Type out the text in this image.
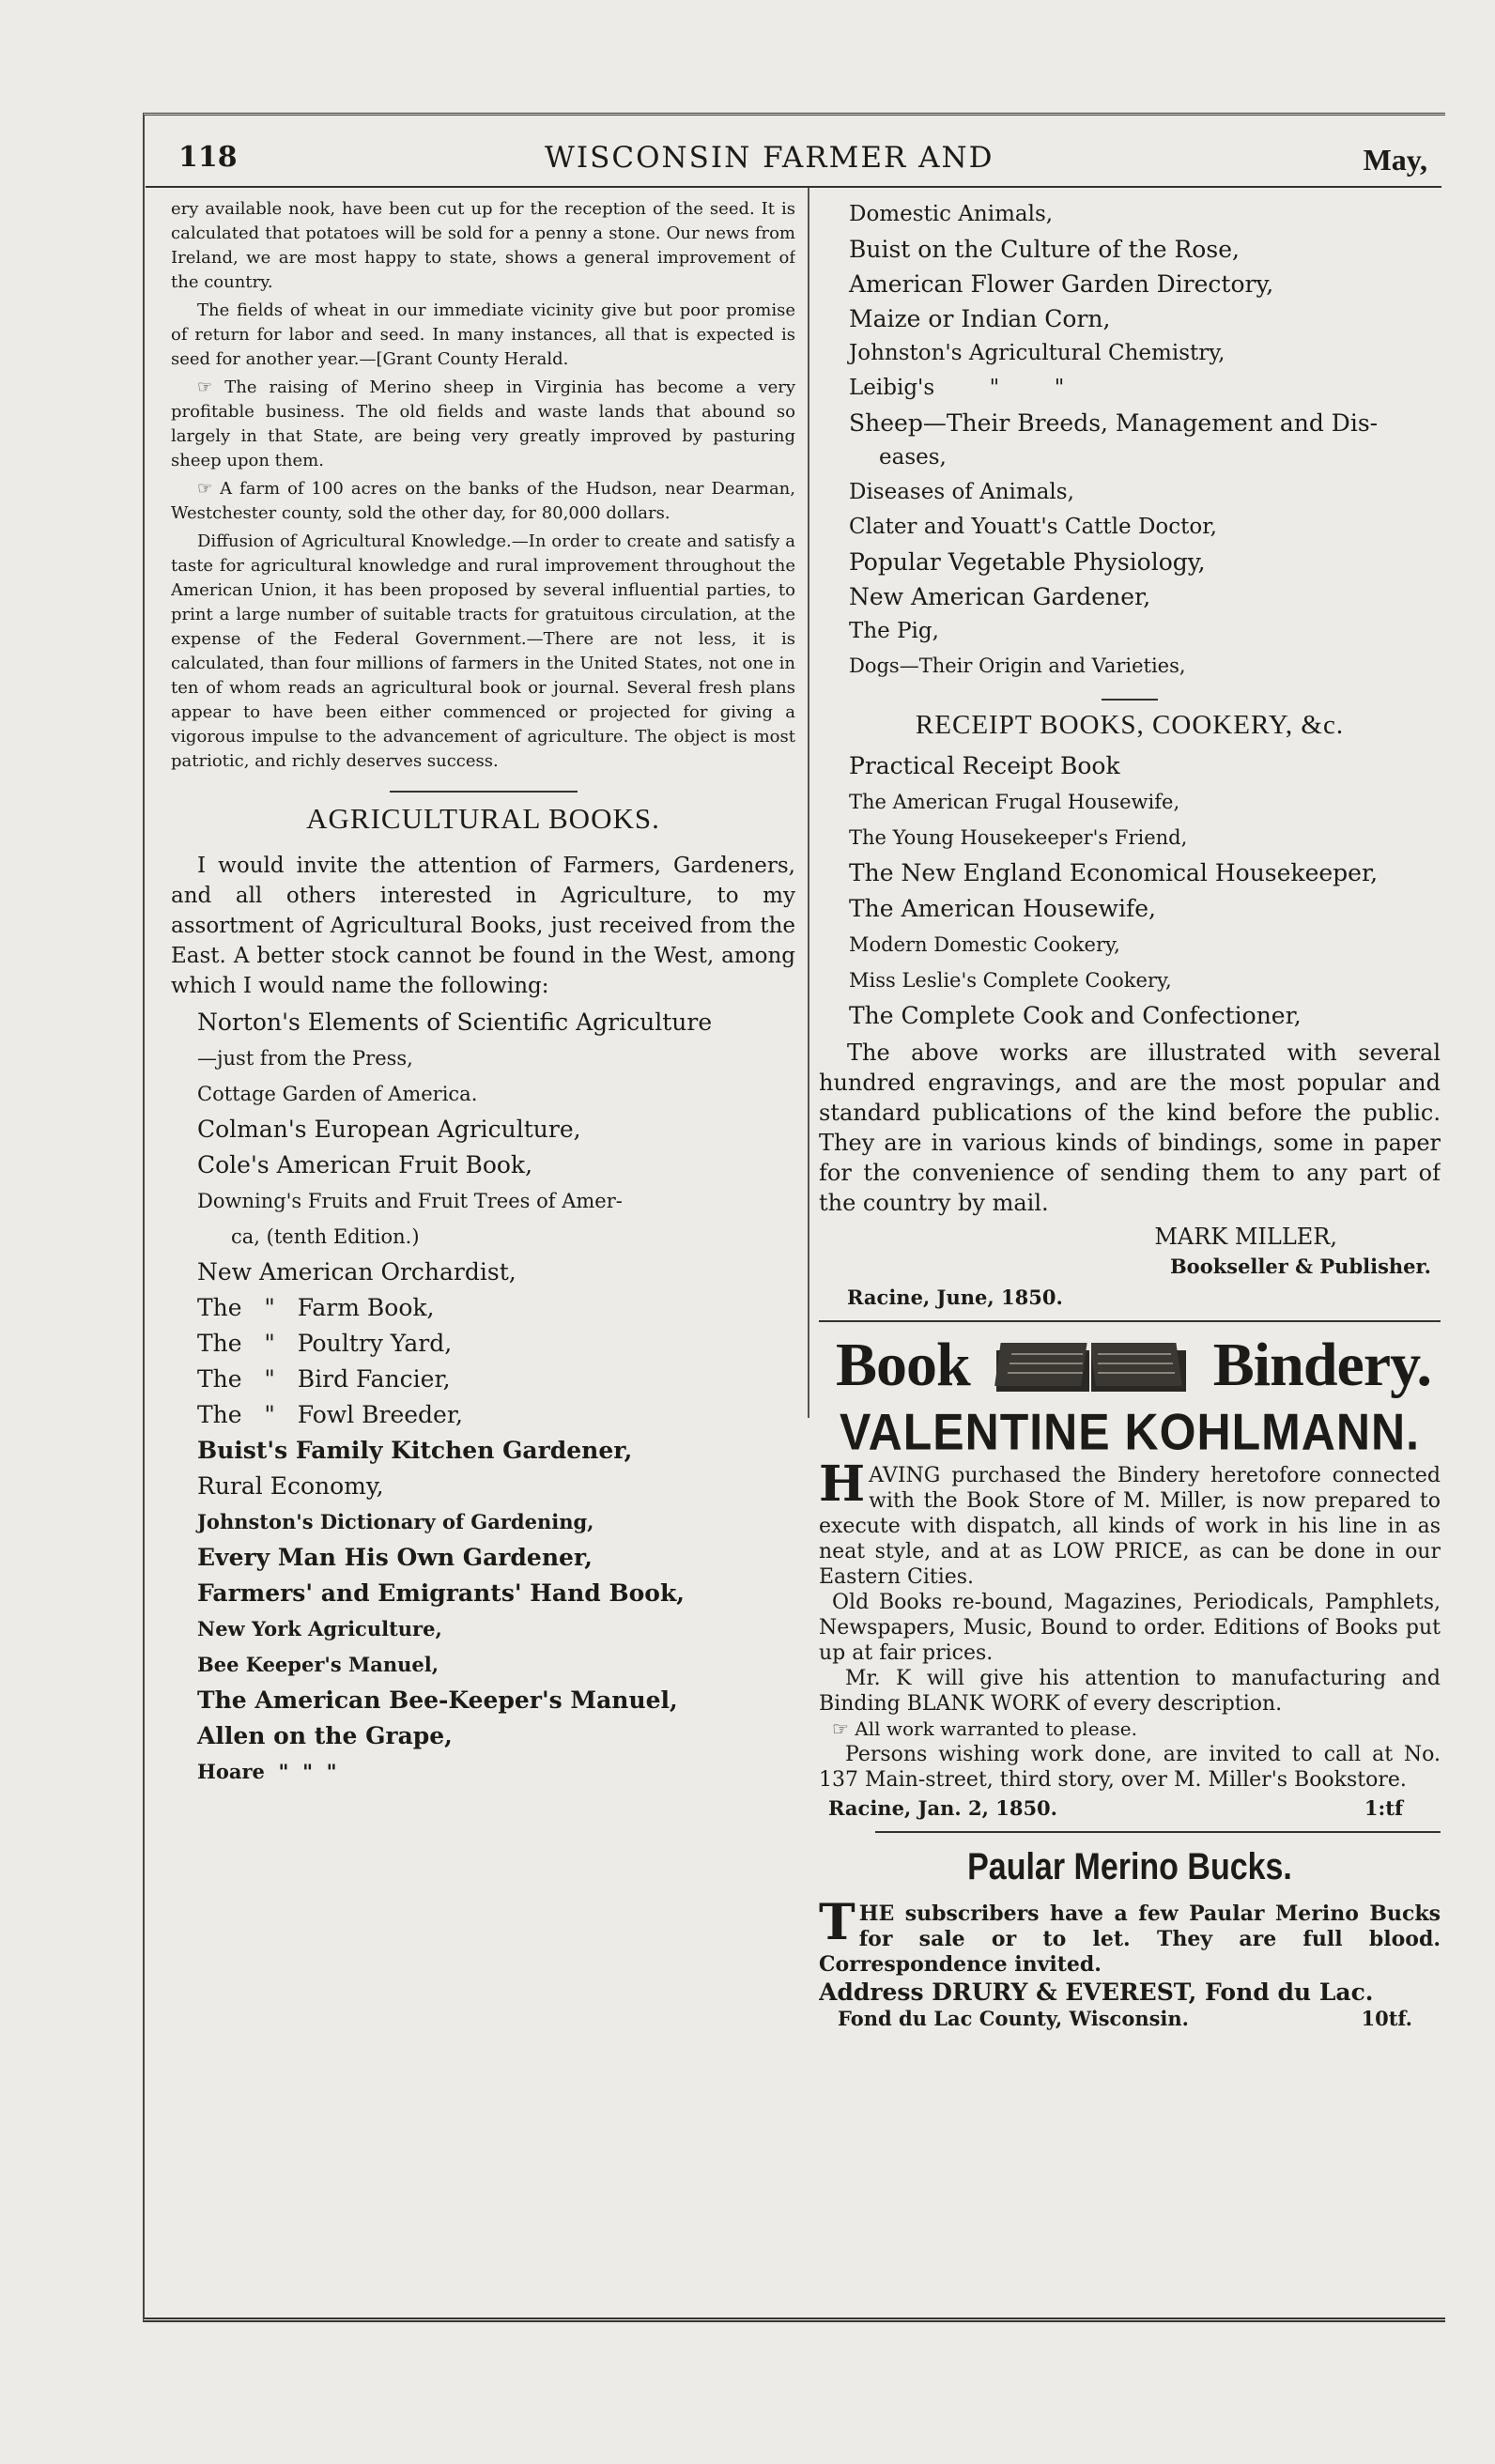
118	WISCONSIN FARMER AND	May,

ery available nook, have been cut up for the reception of the seed. It is calculated that potatoes will be sold for a penny a stone. Our news from Ireland, we are most happy to state, shows a general improvement of the country.

The fields of wheat in our immediate vicinity give but poor promise of return for labor and seed. In many instances, all that is expected is seed for another year.—[Grant County Herald.

☞ The raising of Merino sheep in Virginia has become a very profitable business. The old fields and waste lands that abound so largely in that State, are being very greatly improved by pasturing sheep upon them.

☞ A farm of 100 acres on the banks of the Hudson, near Dearman, Westchester county, sold the other day, for 80,000 dollars.

Diffusion of Agricultural Knowledge.—In order to create and satisfy a taste for agricultural knowledge and rural improvement throughout the American Union, it has been proposed by several influential parties, to print a large number of suitable tracts for gratuitous circulation, at the expense of the Federal Government.—There are not less, it is calculated, than four millions of farmers in the United States, not one in ten of whom reads an agricultural book or journal. Several fresh plans appear to have been either commenced or projected for giving a vigorous impulse to the advancement of agriculture. The object is most patriotic, and richly deserves success.

AGRICULTURAL BOOKS.

I would invite the attention of Farmers, Gardeners, and all others interested in Agriculture, to my assortment of Agricultural Books, just received from the East. A better stock cannot be found in the West, among which I would name the following:

Norton's Elements of Scientific Agriculture
—just from the Press,
Cottage Garden of America.
Colman's European Agriculture,
Cole's American Fruit Book,
Downing's Fruits and Fruit Trees of Amer-
ca, (tenth Edition.)
New American Orchardist,
The   "   Farm Book,
The   "   Poultry Yard,
The   "   Bird Fancier,
The   "   Fowl Breeder,
Buist's Family Kitchen Gardener,
Rural Economy,
Johnston's Dictionary of Gardening,
Every Man His Own Gardener,
Farmers' and Emigrants' Hand Book,
New York Agriculture,
Bee Keeper's Manuel,
The American Bee-Keeper's Manuel,
Allen on the Grape,
Hoare  "  "  "
Domestic Animals,
Buist on the Culture of the Rose,
American Flower Garden Directory,
Maize or Indian Corn,
Johnston's Agricultural Chemistry,
Leibig's        "        "
Sheep—Their Breeds, Management and Dis-
eases,
Diseases of Animals,
Clater and Youatt's Cattle Doctor,
Popular Vegetable Physiology,
New American Gardener,
The Pig,
Dogs—Their Origin and Varieties,
RECEIPT BOOKS, COOKERY, &c.
Practical Receipt Book
The American Frugal Housewife,
The Young Housekeeper's Friend,
The New England Economical Housekeeper,
The American Housewife,
Modern Domestic Cookery,
Miss Leslie's Complete Cookery,
The Complete Cook and Confectioner,

The above works are illustrated with several hundred engravings, and are the most popular and standard publications of the kind before the public. They are in various kinds of bindings, some in paper for the convenience of sending them to any part of the country by mail.

MARK MILLER,
Bookseller & Publisher.
Racine, June, 1850.
Book	Bindery.
VALENTINE KOHLMANN.
HAVING purchased the Bindery heretofore connected with the Book Store of M. Miller, is now prepared to execute with dispatch, all kinds of work in his line in as neat style, and at as LOW PRICE, as can be done in our Eastern Cities.
Old Books re-bound, Magazines, Periodicals, Pamphlets, Newspapers, Music, Bound to order. Editions of Books put up at fair prices.
Mr. K will give his attention to manufacturing and Binding BLANK WORK of every description.
☞ All work warranted to please.
Persons wishing work done, are invited to call at No. 137 Main-street, third story, over M. Miller's Bookstore.
Racine, Jan. 2, 1850.	1:tf
Paular Merino Bucks.
THE subscribers have a few Paular Merino Bucks for sale or to let. They are full blood. Correspondence invited.
Address DRURY & EVEREST, Fond du Lac.
Fond du Lac County, Wisconsin.	10tf.
